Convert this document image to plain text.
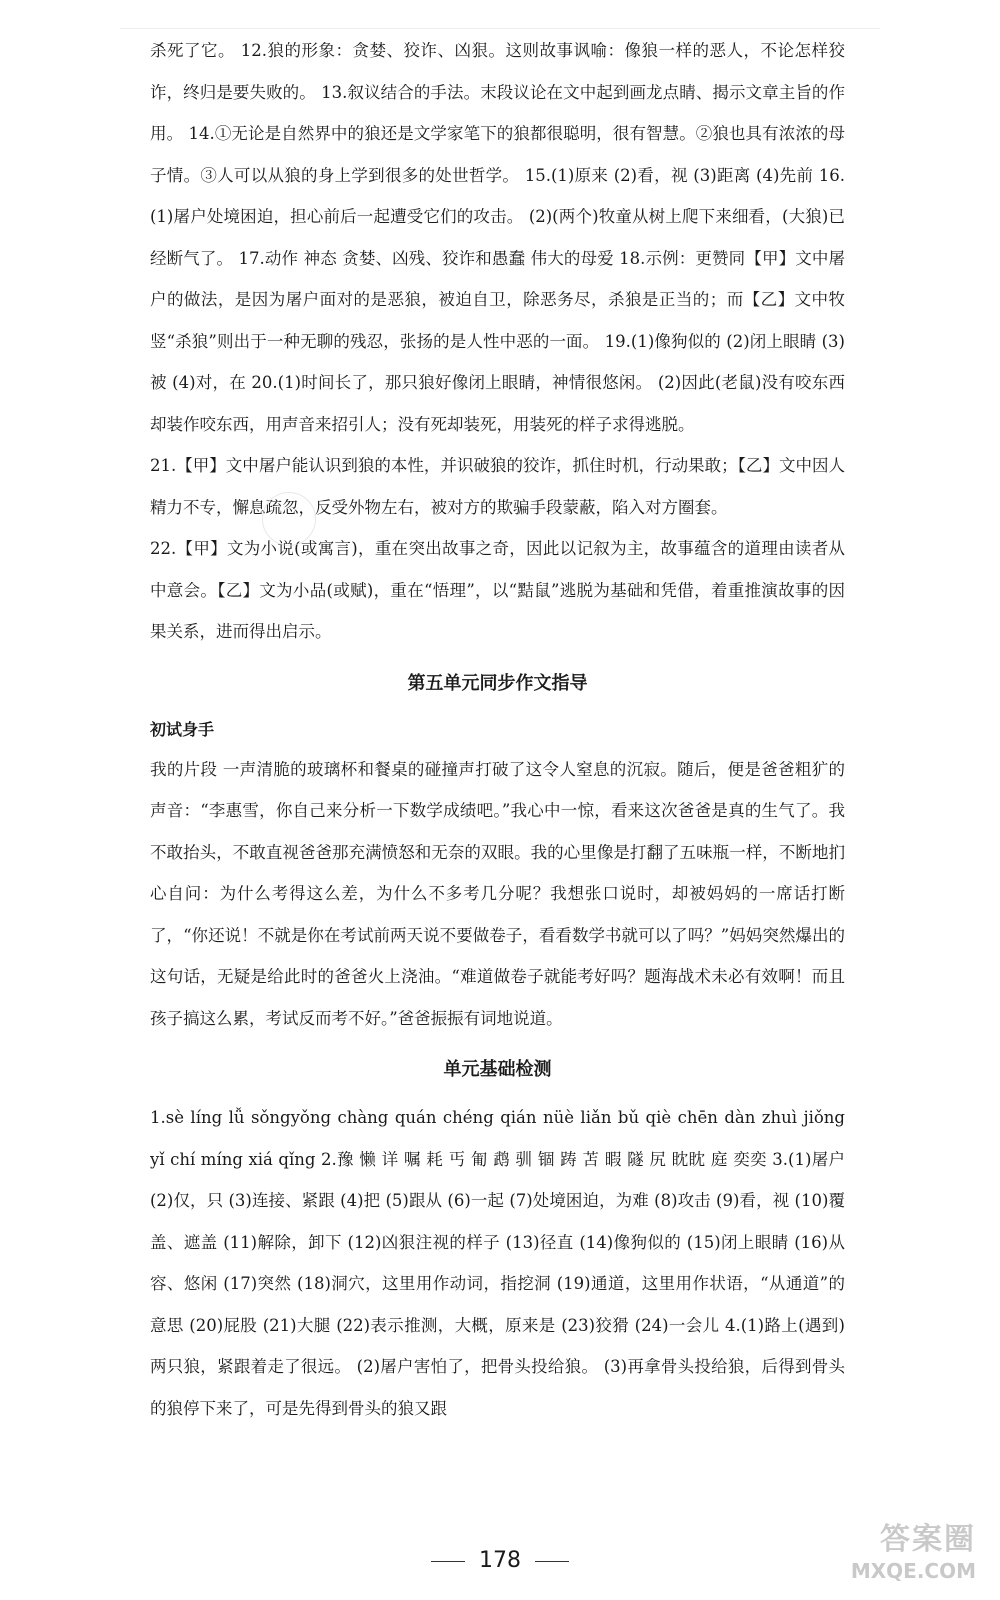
杀死了它。 12.狼的形象：贪婪、狡诈、凶狠。这则故事讽喻：像狼一样的恶人，不论怎样狡诈，终归是要失败的。 13.叙议结合的手法。末段议论在文中起到画龙点睛、揭示文章主旨的作用。 14.①无论是自然界中的狼还是文学家笔下的狼都很聪明，很有智慧。②狼也具有浓浓的母子情。③人可以从狼的身上学到很多的处世哲学。 15.(1)原来 (2)看，视 (3)距离 (4)先前 16.(1)屠户处境困迫，担心前后一起遭受它们的攻击。 (2)(两个)牧童从树上爬下来细看，(大狼)已经断气了。 17.动作 神态 贪婪、凶残、狡诈和愚蠢 伟大的母爱 18.示例：更赞同【甲】文中屠户的做法，是因为屠户面对的是恶狼，被迫自卫，除恶务尽，杀狼是正当的；而【乙】文中牧竖“杀狼”则出于一种无聊的残忍，张扬的是人性中恶的一面。 19.(1)像狗似的 (2)闭上眼睛 (3)被 (4)对，在 20.(1)时间长了，那只狼好像闭上眼睛，神情很悠闲。 (2)因此(老鼠)没有咬东西却装作咬东西，用声音来招引人；没有死却装死，用装死的样子求得逃脱。

21.【甲】文中屠户能认识到狼的本性，并识破狼的狡诈，抓住时机，行动果敢；【乙】文中因人精力不专，懈息疏忽，反受外物左右，被对方的欺骗手段蒙蔽，陷入对方圈套。

22.【甲】文为小说(或寓言)，重在突出故事之奇，因此以记叙为主，故事蕴含的道理由读者从中意会。【乙】文为小品(或赋)，重在“悟理”，以“黠鼠”逃脱为基础和凭借，着重推演故事的因果关系，进而得出启示。

第五单元同步作文指导
初试身手

我的片段 一声清脆的玻璃杯和餐桌的碰撞声打破了这令人窒息的沉寂。随后，便是爸爸粗犷的声音：“李惠雪，你自己来分析一下数学成绩吧。”我心中一惊，看来这次爸爸是真的生气了。我不敢抬头，不敢直视爸爸那充满愤怒和无奈的双眼。我的心里像是打翻了五味瓶一样，不断地扪心自问：为什么考得这么差，为什么不多考几分呢？我想张口说时，却被妈妈的一席话打断了，“你还说！不就是你在考试前两天说不要做卷子，看看数学书就可以了吗？”妈妈突然爆出的这句话，无疑是给此时的爸爸火上浇油。“难道做卷子就能考好吗？题海战术未必有效啊！而且孩子搞这么累，考试反而考不好。”爸爸振振有词地说道。

单元基础检测

1.sè líng lǚ sǒngyǒng chàng quán chéng qián nüè liǎn bǔ qiè chēn dàn zhuì jiǒng yǐ chí míng xiá qǐng 2.豫 懒 详 嘱 耗 丐 匍 鹉 驯 锢 踌 苫 暇 隧 尻 眈眈 庭 奕奕 3.(1)屠户 (2)仅，只 (3)连接、紧跟 (4)把 (5)跟从 (6)一起 (7)处境困迫，为难 (8)攻击 (9)看，视 (10)覆盖、遮盖 (11)解除，卸下 (12)凶狠注视的样子 (13)径直 (14)像狗似的 (15)闭上眼睛 (16)从容、悠闲 (17)突然 (18)洞穴，这里用作动词，指挖洞 (19)通道，这里用作状语，“从通道”的意思 (20)屁股 (21)大腿 (22)表示推测，大概，原来是 (23)狡猾 (24)一会儿 4.(1)路上(遇到)两只狼，紧跟着走了很远。 (2)屠户害怕了，把骨头投给狼。 (3)再拿骨头投给狼，后得到骨头的狼停下来了，可是先得到骨头的狼又跟

178
答案圈
MXQE.COM
